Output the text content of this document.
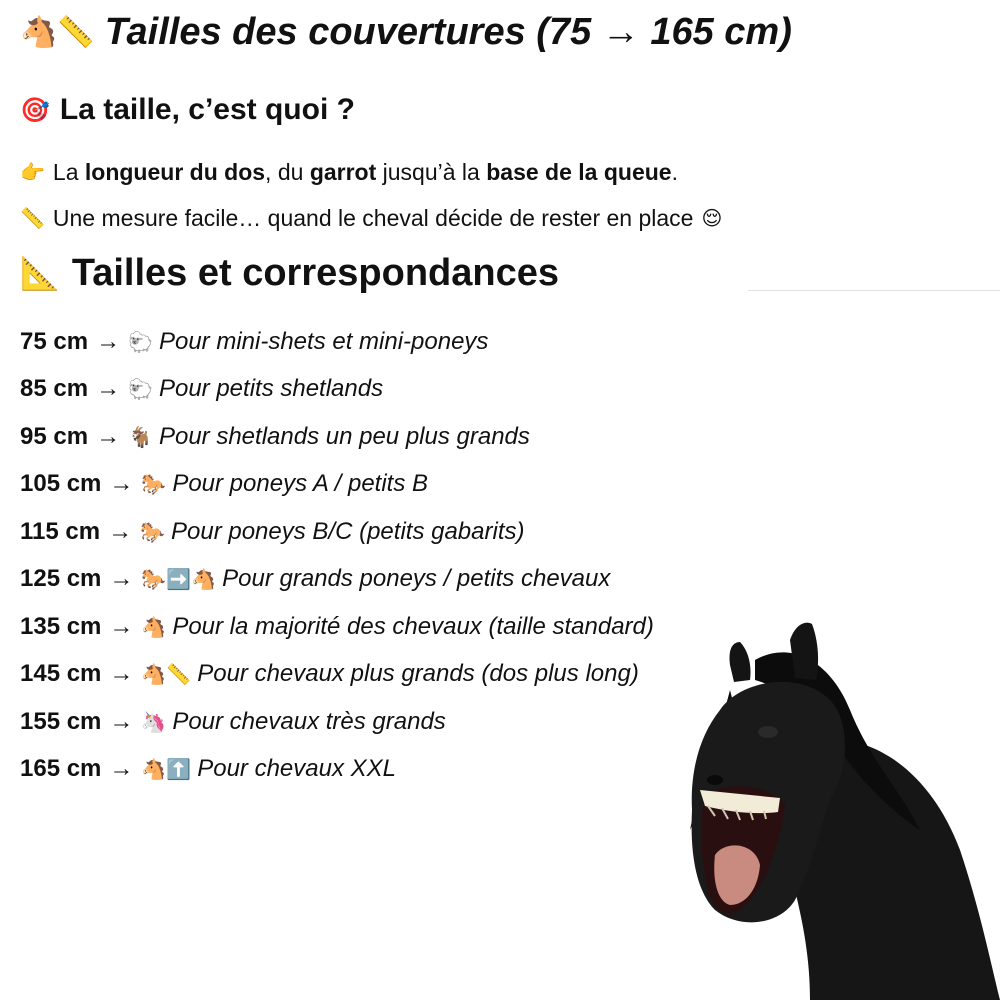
🐴📏 Tailles des couvertures (75 → 165 cm)
🎯 La taille, c’est quoi ?
👉 La longueur du dos, du garrot jusqu’à la base de la queue.
📏 Une mesure facile… quand le cheval décide de rester en place 😌
📐 Tailles et correspondances
75 cm → 🐑 Pour mini-shets et mini-poneys
85 cm → 🐑 Pour petits shetlands
95 cm → 🐐 Pour shetlands un peu plus grands
105 cm → 🐎 Pour poneys A / petits B
115 cm → 🐎 Pour poneys B/C (petits gabarits)
125 cm → 🐎➡️🐴 Pour grands poneys / petits chevaux
135 cm → 🐴 Pour la majorité des chevaux (taille standard)
145 cm → 🐴📏 Pour chevaux plus grands (dos plus long)
155 cm → 🦄 Pour chevaux très grands
165 cm → 🐴⬆️ Pour chevaux XXL
